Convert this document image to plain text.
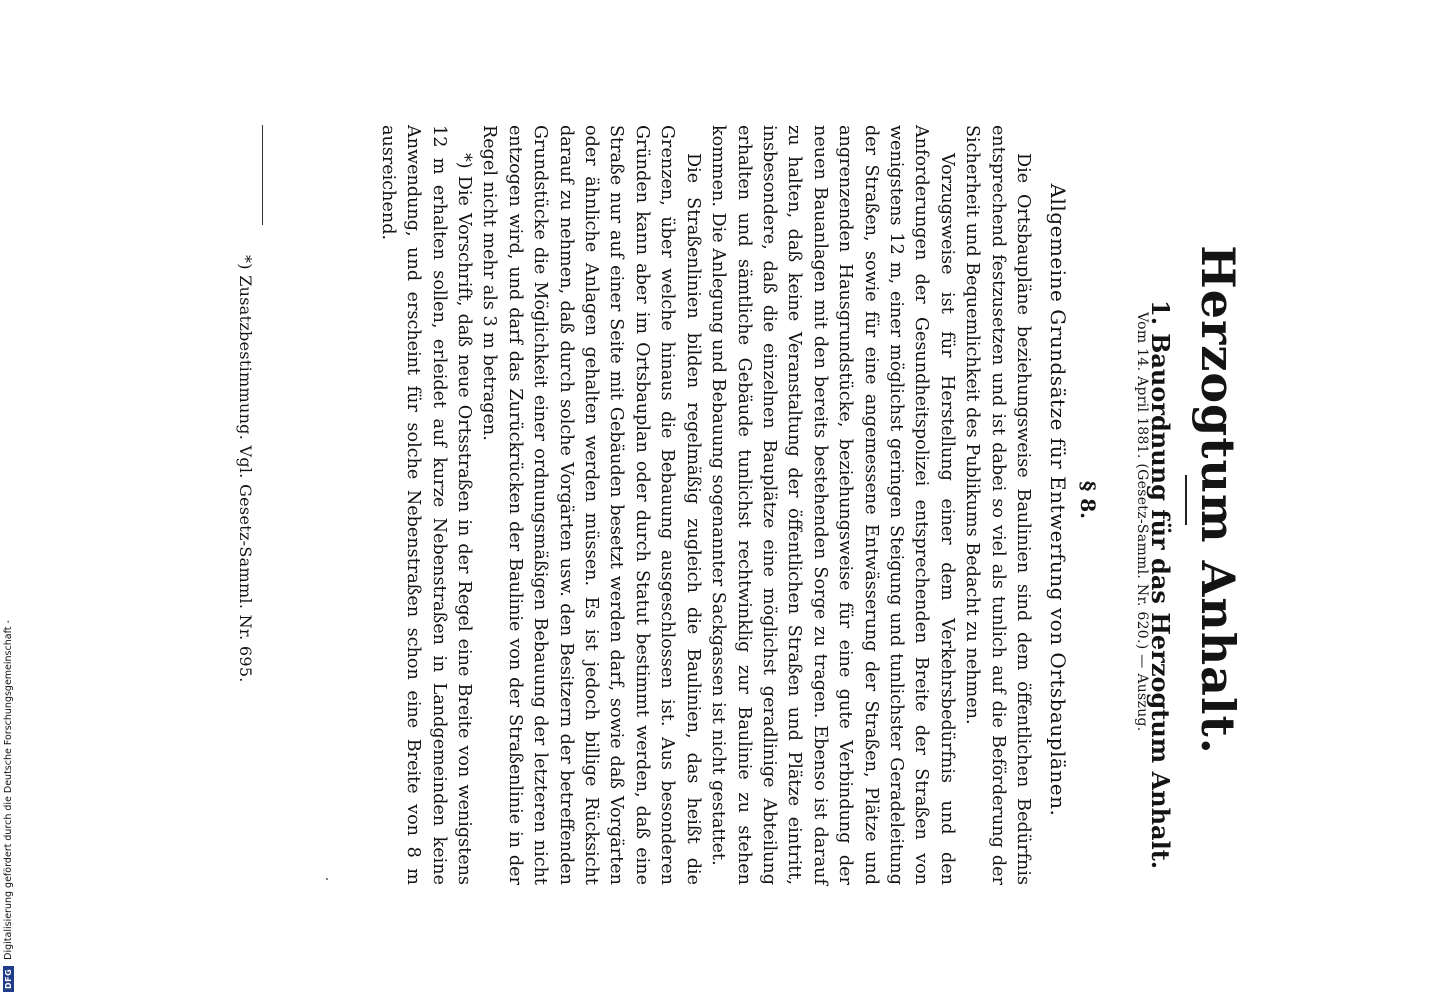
Herzogtum Anhalt.
1.Bauordnung für das Herzogtum Anhalt.
Vom 14. April 1881. (Gesetz-Samml. Nr. 620.) — Auszug.
§ 8.
Allgemeine Grundsätze für Entwerfung von Ortsbauplänen.

Die Ortsbaupläne beziehungsweise Baulinien sind dem öffentlichen Bedürfnis entsprechend festzusetzen und ist dabei so viel als tunlich auf die Beförderung der Sicherheit und Bequemlichkeit des Publikums Bedacht zu nehmen.

Vorzugsweise ist für Herstellung einer dem Verkehrsbedürfnis und den Anforderungen der Gesundheitspolizei entsprechenden Breite der Straßen von wenigstens 12 m, einer möglichst geringen Steigung und tunlichster Geradeleitung der Straßen, sowie für eine angemessene Entwässerung der Straßen, Plätze und angrenzenden Hausgrundstücke, beziehungsweise für eine gute Verbindung der neuen Bauanlagen mit den bereits bestehenden Sorge zu tragen. Ebenso ist darauf zu halten, daß keine Veranstaltung der öffentlichen Straßen und Plätze eintritt, insbesondere, daß die einzelnen Bauplätze eine möglichst geradlinige Abteilung erhalten und sämtliche Gebäude tunlichst rechtwinklig zur Baulinie zu stehen kommen. Die Anlegung und Bebauung sogenannter Sackgassen ist nicht gestattet.

Die Straßenlinien bilden regelmäßig zugleich die Baulinien, das heißt die Grenzen, über welche hinaus die Bebauung ausgeschlossen ist. Aus besonderen Gründen kann aber im Ortsbauplan oder durch Statut bestimmt werden, daß eine Straße nur auf einer Seite mit Gebäuden besetzt werden darf, sowie daß Vorgärten oder ähnliche Anlagen gehalten werden müssen. Es ist jedoch billige Rücksicht darauf zu nehmen, daß durch solche Vorgärten usw. den Besitzern der betreffenden Grundstücke die Möglichkeit einer ordnungsmäßigen Bebauung der letzteren nicht entzogen wird, und darf das Zurückrücken der Baulinie von der Straßenlinie in der Regel nicht mehr als 3 m betragen.

*) Die Vorschrift, daß neue Ortsstraßen in der Regel eine Breite von wenigstens 12 m erhalten sollen, erleidet auf kurze Nebenstraßen in Landgemeinden keine Anwendung, und erscheint für solche Nebenstraßen schon eine Breite von 8 m ausreichend.

*) Zusatzbestimmung. Vgl. Gesetz-Samml. Nr. 695.
DFG
Digitalisierung gefördert durch die Deutsche Forschungsgemeinschaft -
